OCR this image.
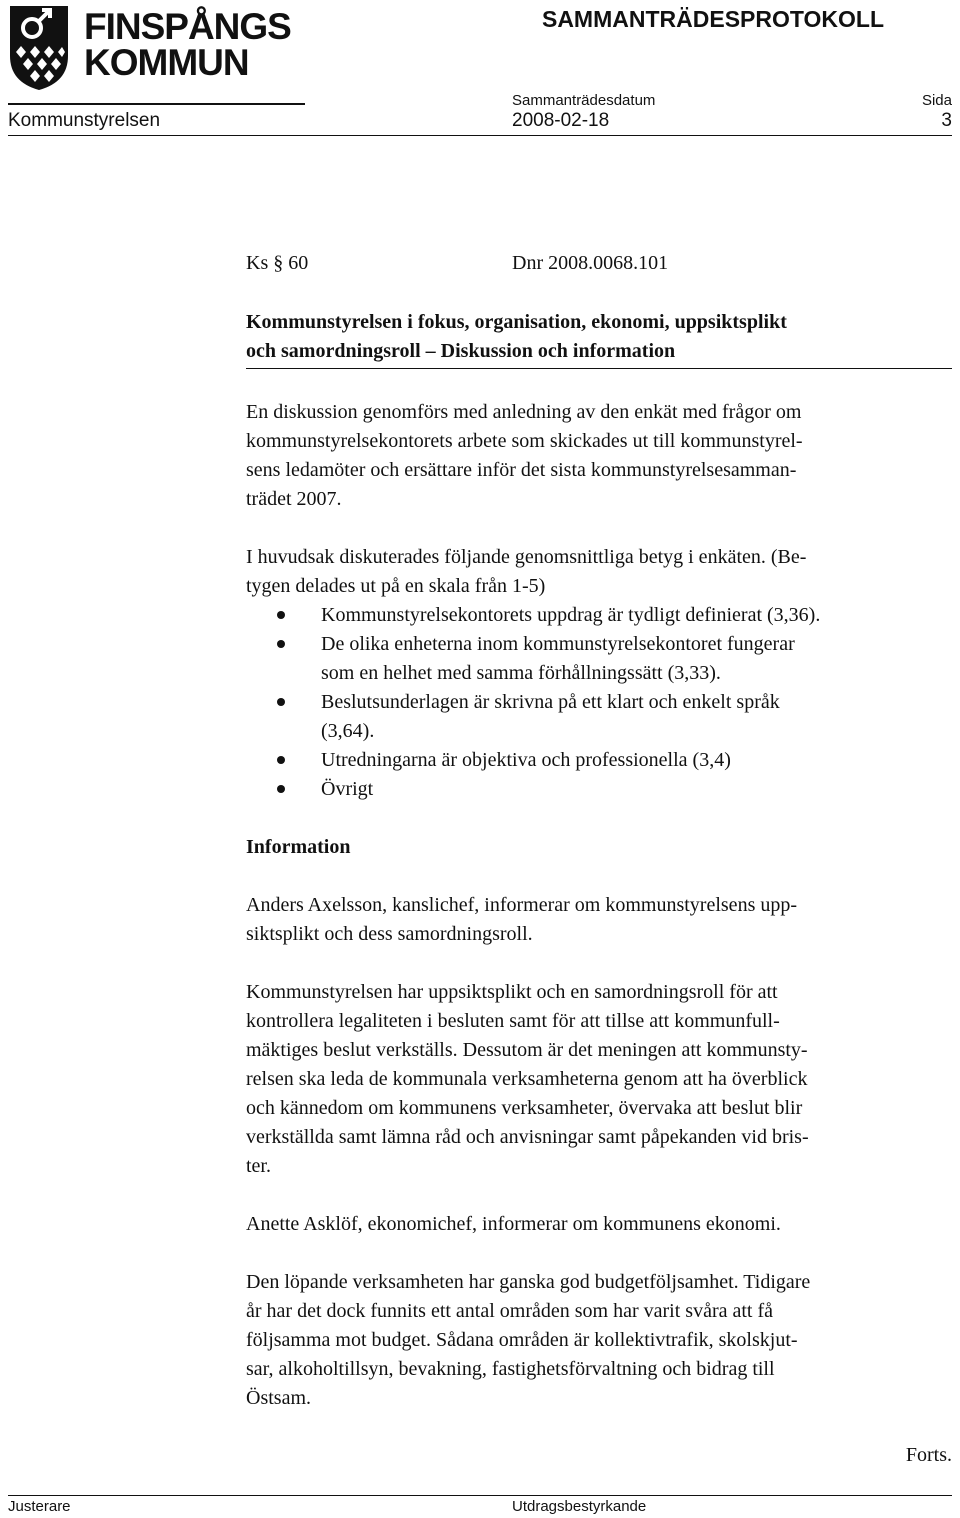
FINSPÅNGS
KOMMUN
SAMMANTRÄDESPROTOKOLL
Sammanträdesdatum	Sida
Kommunstyrelsen	2008-02-18	3
Ks § 60	Dnr 2008.0068.101
Kommunstyrelsen i fokus, organisation, ekonomi, uppsiktsplikt
och samordningsroll – Diskussion och information

En diskussion genomförs med anledning av den enkät med frågor om
kommunstyrelsekontorets arbete som skickades ut till kommunstyrel-
sens ledamöter och ersättare inför det sista kommunstyrelsesamman-
trädet 2007.

I huvudsak diskuterades följande genomsnittliga betyg i enkäten. (Be-
tygen delades ut på en skala från 1-5)

Kommunstyrelsekontorets uppdrag är tydligt definierat (3,36).
De olika enheterna inom kommunstyrelsekontoret fungerar
som en helhet med samma förhållningssätt (3,33).
Beslutsunderlagen är skrivna på ett klart och enkelt språk
(3,64).
Utredningarna är objektiva och professionella (3,4)
Övrigt

Information

Anders Axelsson, kanslichef, informerar om kommunstyrelsens upp-
siktsplikt och dess samordningsroll.

Kommunstyrelsen har uppsiktsplikt och en samordningsroll för att
kontrollera legaliteten i besluten samt för att tillse att kommunfull-
mäktiges beslut verkställs. Dessutom är det meningen att kommunsty-
relsen ska leda de kommunala verksamheterna genom att ha överblick
och kännedom om kommunens verksamheter, övervaka att beslut blir
verkställda samt lämna råd och anvisningar samt påpekanden vid bris-
ter.

Anette Asklöf, ekonomichef, informerar om kommunens ekonomi.

Den löpande verksamheten har ganska god budgetföljsamhet. Tidigare
år har det dock funnits ett antal områden som har varit svåra att få
följsamma mot budget. Sådana områden är kollektivtrafik, skolskjut-
sar, alkoholtillsyn, bevakning, fastighetsförvaltning och bidrag till
Östsam.

Forts.
Justerare	Utdragsbestyrkande
